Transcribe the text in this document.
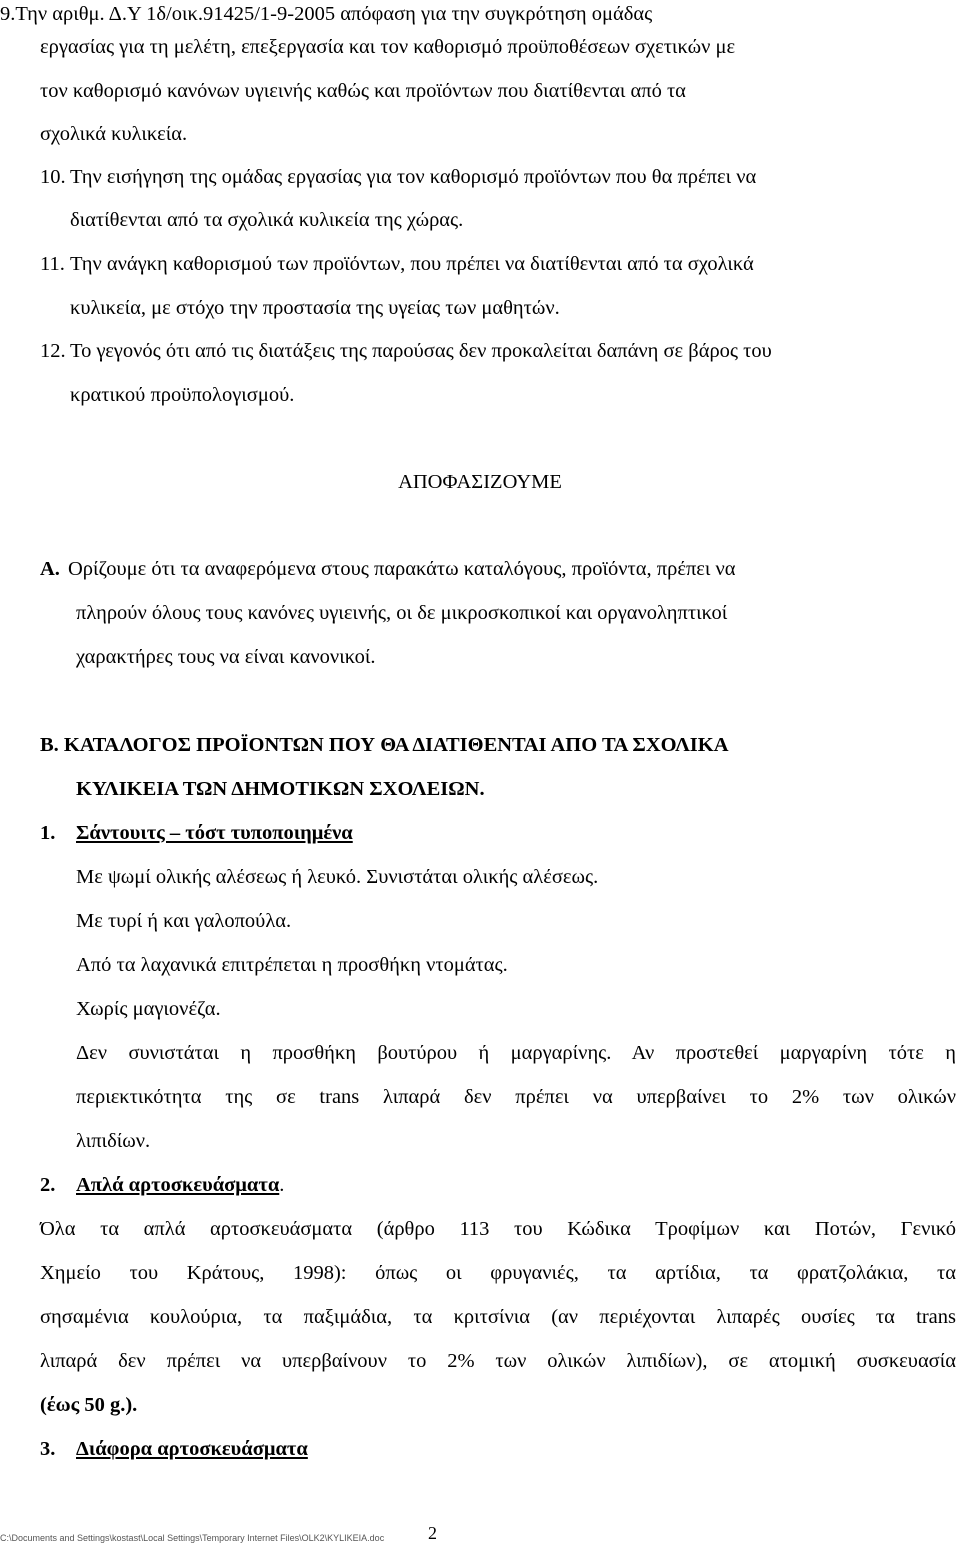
9.Την αριθμ. Δ.Υ 1δ/οικ.91425/1-9-2005 απόφαση για την συγκρότηση ομάδας
εργασίας για τη μελέτη, επεξεργασία και τον καθορισμό προϋποθέσεων σχετικών με
τον καθορισμό κανόνων υγιεινής καθώς και προϊόντων που διατίθενται από τα
σχολικά κυλικεία.
10. Την εισήγηση της ομάδας εργασίας για τον καθορισμό προϊόντων που θα πρέπει να
διατίθενται από τα σχολικά κυλικεία της χώρας.
11. Την ανάγκη καθορισμού των προϊόντων, που πρέπει να διατίθενται από τα σχολικά
κυλικεία, με στόχο την προστασία της υγείας των μαθητών.
12. Το γεγονός ότι από τις διατάξεις της παρούσας δεν προκαλείται δαπάνη σε βάρος του
κρατικού προϋπολογισμού.
ΑΠΟΦΑΣΙΖΟΥΜΕ
Α. Ορίζουμε ότι τα αναφερόμενα στους παρακάτω καταλόγους, προϊόντα, πρέπει να
πληρούν όλους τους κανόνες υγιεινής, οι δε μικροσκοπικοί και οργανοληπτικοί
χαρακτήρες τους να είναι κανονικοί.
Β. ΚΑΤΑΛΟΓΟΣ ΠΡΟΪΟΝΤΩΝ ΠΟΥ ΘΑ ΔΙΑΤΙΘΕΝΤΑΙ ΑΠΟ ΤΑ ΣΧΟΛΙΚΑ
ΚΥΛΙΚΕΙΑ ΤΩΝ ΔΗΜΟΤΙΚΩΝ ΣΧΟΛΕΙΩΝ.
1. Σάντουιτς – τόστ τυποποιημένα
Με ψωμί ολικής αλέσεως ή λευκό. Συνιστάται ολικής αλέσεως.
Με τυρί ή και γαλοπούλα.
Από τα λαχανικά επιτρέπεται η προσθήκη ντομάτας.
Χωρίς μαγιονέζα.
Δεν συνιστάται η προσθήκη βουτύρου ή μαργαρίνης. Αν προστεθεί μαργαρίνη τότε η
περιεκτικότητα της σε trans λιπαρά δεν πρέπει να υπερβαίνει το 2% των ολικών
λιπιδίων.
2. Απλά αρτοσκευάσματα.
Όλα τα απλά αρτοσκευάσματα (άρθρο 113 του Κώδικα Τροφίμων και Ποτών, Γενικό
Χημείο του Κράτους, 1998): όπως οι φρυγανιές, τα αρτίδια, τα φρατζολάκια, τα
σησαμένια κουλούρια, τα παξιμάδια, τα κριτσίνια (αν περιέχονται λιπαρές ουσίες τα trans
λιπαρά δεν πρέπει να υπερβαίνουν το 2% των ολικών λιπιδίων), σε ατομική συσκευασία
(έως 50 g.).
3. Διάφορα αρτοσκευάσματα
C:\Documents and Settings\kostast\Local Settings\Temporary Internet Files\OLK2\KYLIKEIA.doc 2
